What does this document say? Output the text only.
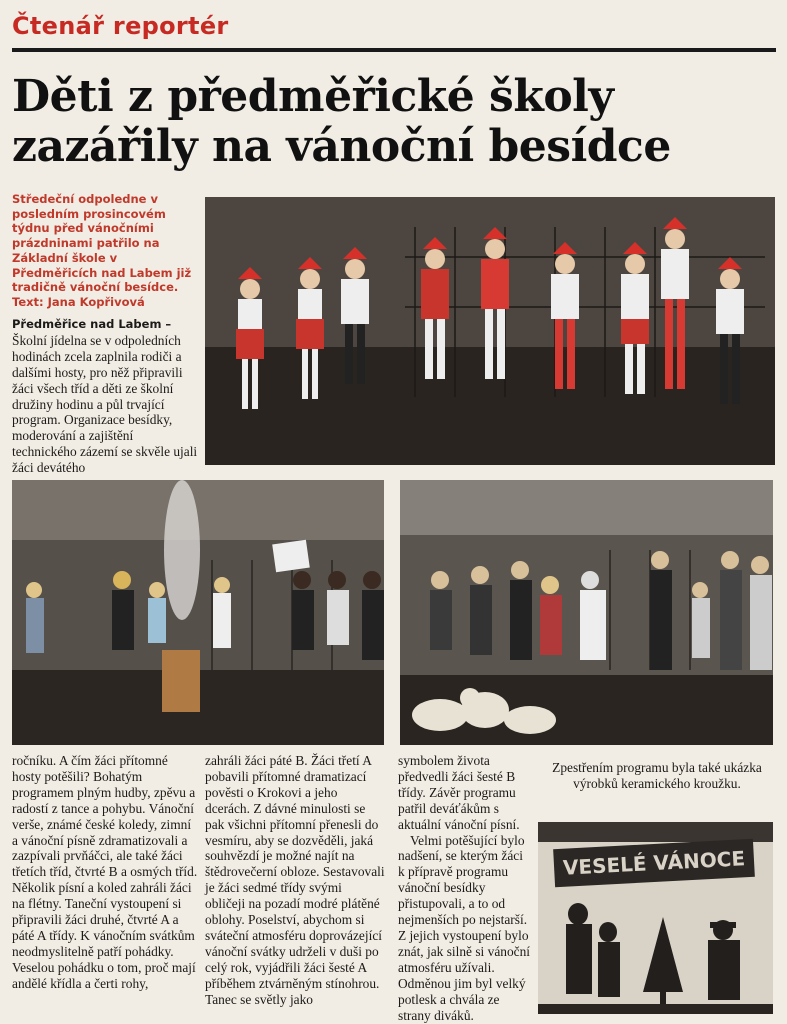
Čtenář reportér
Děti z předměřické školy
zazářily na vánoční besídce
Středeční odpoledne v posledním prosincovém týdnu před vánočními prázdninami patřilo na Základní škole v Předměřicích nad Labem již tradičně vánoční besídce. Text: Jana Kopřivová
VESELÉ VÁNOCE

Předměřice nad Labem – Školní jídelna se v odpoledních hodinách zcela zaplnila rodiči a dalšími hosty, pro něž připravili žáci všech tříd a děti ze školní družiny hodinu a půl trvající program. Organizace besídky, moderování a zajištění technického zázemí se skvěle ujali žáci devátého

ročníku. A čím žáci přítomné hosty potěšili? Bohatým programem plným hudby, zpěvu a radostí z tance a pohybu. Vánoční verše, známé české koledy, zimní a vánoční písně zdramatizovali a zazpívali prvňáčci, ale také žáci třetích tříd, čtvrté B a osmých tříd. Několik písní a koled zahráli žáci na flétny. Taneční vystoupení si připravili žáci druhé, čtvrté A a páté A třídy. K vánočním svátkům neodmyslitelně patří pohádky. Veselou pohádku o tom, proč mají andělé křídla a čerti rohy,

zahráli žáci páté B. Žáci třetí A pobavili přítomné dramatizací pověsti o Krokovi a jeho dcerách. Z dávné minulosti se pak všichni přítomní přenesli do vesmíru, aby se dozvěděli, jaká souhvězdí je možné najít na štědrovečerní obloze. Sestavovali je žáci sedmé třídy svými obličeji na pozadí modré plátěné oblohy. Poselství, abychom si sváteční atmosféru doprovázející vánoční svátky udrželi v duši po celý rok, vyjádřili žáci šesté A příběhem ztvárněným stínohrou. Tanec se světly jako

symbolem života předvedli žáci šesté B třídy. Závěr programu patřil deváťákům s aktuální vánoční písní.

Velmi potěšující bylo nadšení, se kterým žáci k přípravě programu vánoční besídky přistupovali, a to od nejmenších po nejstarší. Z jejich vystoupení bylo znát, jak silně si vánoční atmosféru užívali. Odměnou jim byl velký potlesk a chvála ze strany diváků.

Zpestřením programu byla také ukázka výrobků keramického kroužku.
